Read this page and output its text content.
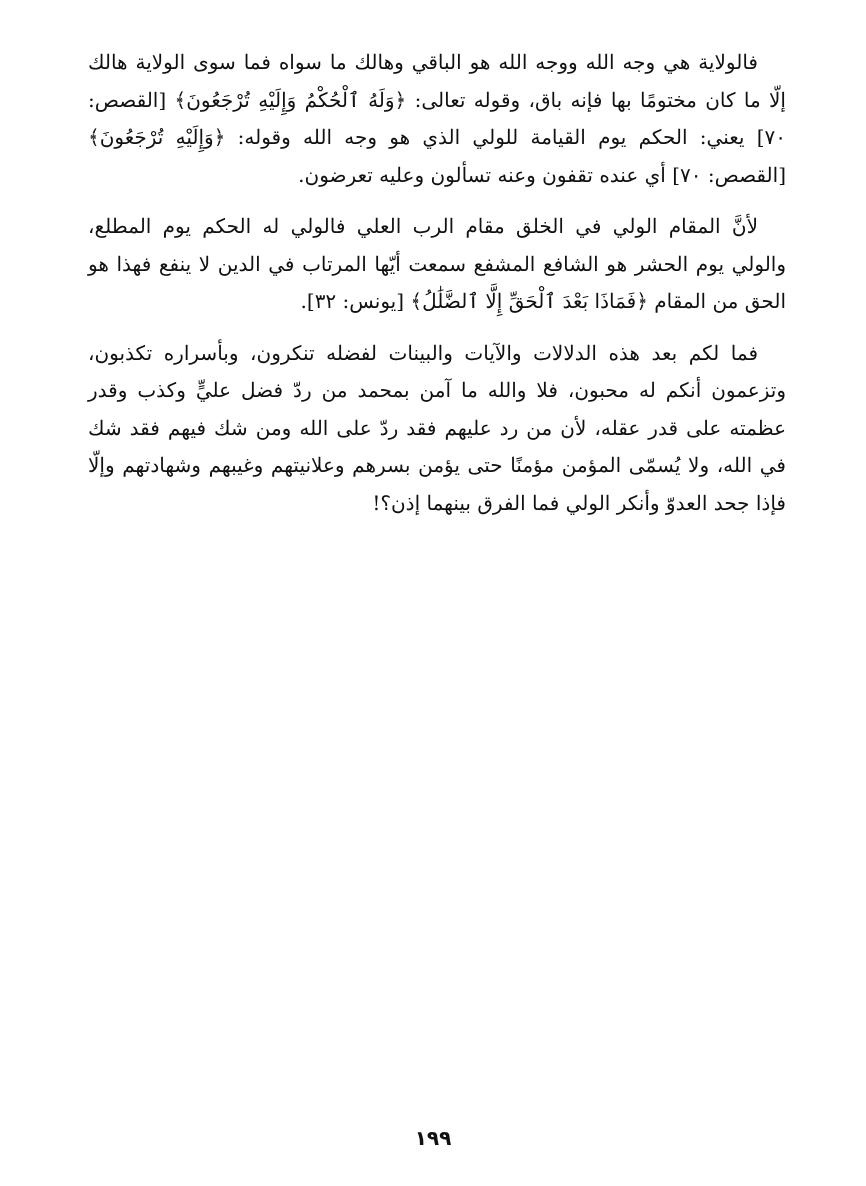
فالولاية هي وجه الله ووجه الله هو الباقي وهالك ما سواه فما سوى الولاية هالك إلّا ما كان مختومًا بها فإنه باق، وقوله تعالى: ﴿وَلَهُ ٱلْحُكْمُ وَإِلَيْهِ تُرْجَعُونَ﴾ [القصص: ٧٠] يعني: الحكم يوم القيامة للولي الذي هو وجه الله وقوله: ﴿وَإِلَيْهِ تُرْجَعُونَ﴾ [القصص: ٧٠] أي عنده تقفون وعنه تسألون وعليه تعرضون.

لأنَّ المقام الولي في الخلق مقام الرب العلي فالولي له الحكم يوم المطلع، والولي يوم الحشر هو الشافع المشفع سمعت أيّها المرتاب في الدين لا ينفع فهذا هو الحق من المقام ﴿فَمَاذَا بَعْدَ ٱلْحَقِّ إِلَّا ٱلضَّلَٰلُ﴾ [يونس: ٣٢].

فما لكم بعد هذه الدلالات والآيات والبينات لفضله تنكرون، وبأسراره تكذبون، وتزعمون أنكم له محبون، فلا والله ما آمن بمحمد من ردّ فضل عليٍّ وكذب وقدر عظمته على قدر عقله، لأن من رد عليهم فقد ردّ على الله ومن شك فيهم فقد شك في الله، ولا يُسمّى المؤمن مؤمنًا حتى يؤمن بسرهم وعلانيتهم وغيبهم وشهادتهم وإلّا فإذا جحد العدوّ وأنكر الولي فما الفرق بينهما إذن؟!

١٩٩
